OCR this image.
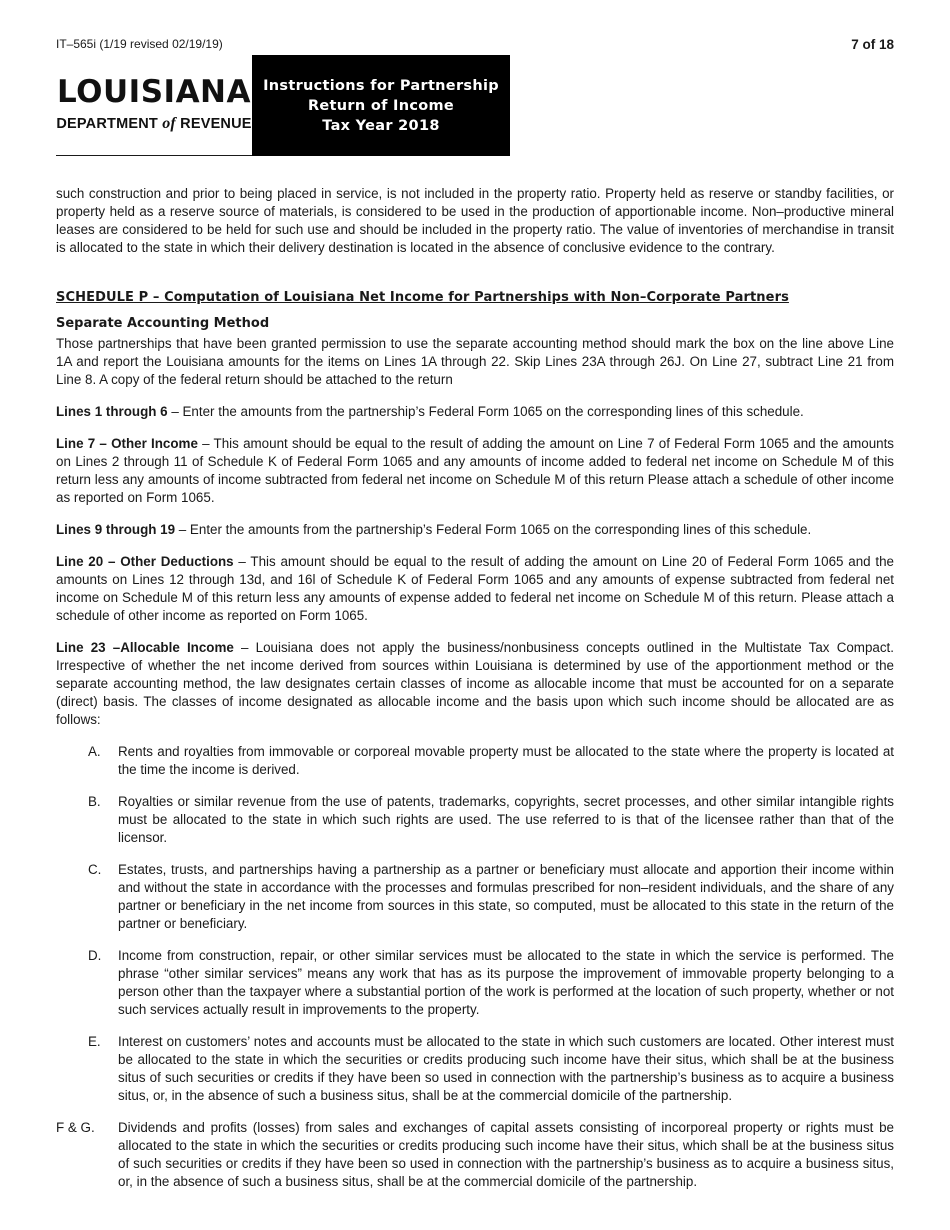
IT–565i (1/19 revised 02/19/19)	7 of 18
LOUISIANA
DEPARTMENT of REVENUE
Instructions for Partnership
Return of Income
Tax Year 2018

such construction and prior to being placed in service, is not included in the property ratio. Property held as reserve or standby facilities, or property held as a reserve source of materials, is considered to be used in the production of apportionable income. Non–productive mineral leases are considered to be held for such use and should be included in the property ratio. The value of inventories of merchandise in transit is allocated to the state in which their delivery destination is located in the absence of conclusive evidence to the contrary.

SCHEDULE P – Computation of Louisiana Net Income for Partnerships with Non–Corporate Partners
Separate Accounting Method

Those partnerships that have been granted permission to use the separate accounting method should mark the box on the line above Line 1A and report the Louisiana amounts for the items on Lines 1A through 22. Skip Lines 23A through 26J. On Line 27, subtract Line 21 from Line 8. A copy of the federal return should be attached to the return

Lines 1 through 6 – Enter the amounts from the partnership’s Federal Form 1065 on the corresponding lines of this schedule.

Line 7 – Other Income – This amount should be equal to the result of adding the amount on Line 7 of Federal Form 1065 and the amounts on Lines 2 through 11 of Schedule K of Federal Form 1065 and any amounts of income added to federal net income on Schedule M of this return less any amounts of income subtracted from federal net income on Schedule M of this return Please attach a schedule of other income as reported on Form 1065.

Lines 9 through 19 – Enter the amounts from the partnership’s Federal Form 1065 on the corresponding lines of this schedule.

Line 20 – Other Deductions – This amount should be equal to the result of adding the amount on Line 20 of Federal Form 1065 and the amounts on Lines 12 through 13d, and 16l of Schedule K of Federal Form 1065 and any amounts of expense subtracted from federal net income on Schedule M of this return less any amounts of expense added to federal net income on Schedule M of this return. Please attach a schedule of other income as reported on Form 1065.

Line 23 –Allocable Income – Louisiana does not apply the business/nonbusiness concepts outlined in the Multistate Tax Compact. Irrespective of whether the net income derived from sources within Louisiana is determined by use of the apportionment method or the separate accounting method, the law designates certain classes of income as allocable income that must be accounted for on a separate (direct) basis. The classes of income designated as allocable income and the basis upon which such income should be allocated are as follows:

A. Rents and royalties from immovable or corporeal movable property must be allocated to the state where the property is located at the time the income is derived.
B. Royalties or similar revenue from the use of patents, trademarks, copyrights, secret processes, and other similar intangible rights must be allocated to the state in which such rights are used. The use referred to is that of the licensee rather than that of the licensor.
C. Estates, trusts, and partnerships having a partnership as a partner or beneficiary must allocate and apportion their income within and without the state in accordance with the processes and formulas prescribed for non–resident individuals, and the share of any partner or beneficiary in the net income from sources in this state, so computed, must be allocated to this state in the return of the partner or beneficiary.
D. Income from construction, repair, or other similar services must be allocated to the state in which the service is performed. The phrase “other similar services” means any work that has as its purpose the improvement of immovable property belonging to a person other than the taxpayer where a substantial portion of the work is performed at the location of such property, whether or not such services actually result in improvements to the property.
E. Interest on customers’ notes and accounts must be allocated to the state in which such customers are located. Other interest must be allocated to the state in which the securities or credits producing such income have their situs, which shall be at the business situs of such securities or credits if they have been so used in connection with the partnership’s business as to acquire a business situs, or, in the absence of such a business situs, shall be at the commercial domicile of the partnership.
F & G. Dividends and profits (losses) from sales and exchanges of capital assets consisting of incorporeal property or rights must be allocated to the state in which the securities or credits producing such income have their situs, which shall be at the business situs of such securities or credits if they have been so used in connection with the partnership’s business as to acquire a business situs, or, in the absence of such a business situs, shall be at the commercial domicile of the partnership.
